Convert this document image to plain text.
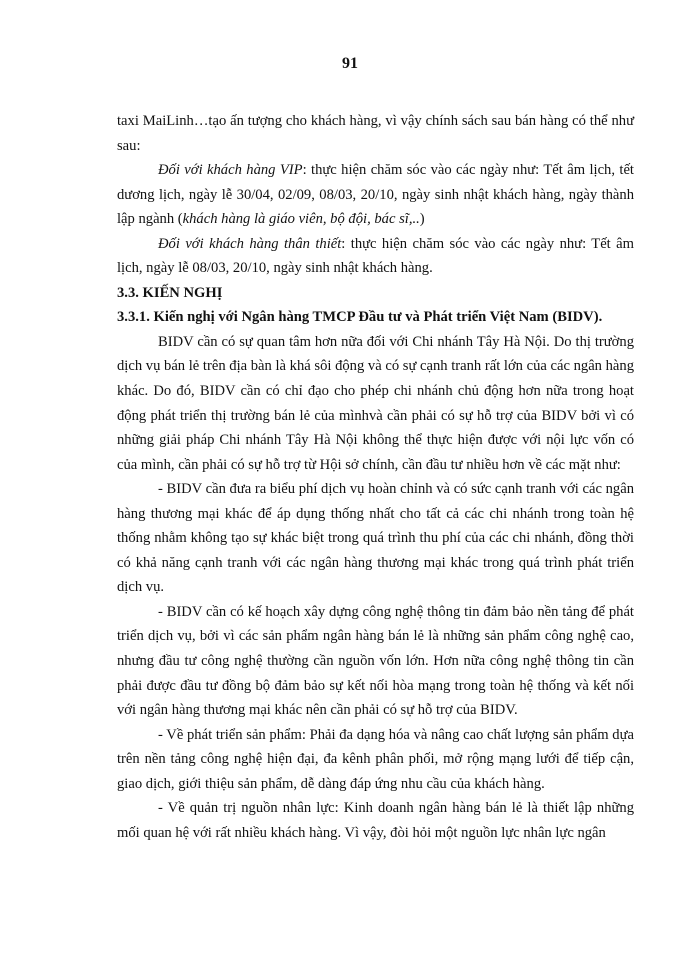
91

taxi MaiLinh…tạo ấn tượng cho khách hàng, vì vậy chính sách sau bán hàng có thể như sau:

Đối với khách hàng VIP: thực hiện chăm sóc vào các ngày như: Tết âm lịch, tết dương lịch, ngày lễ 30/04, 02/09, 08/03, 20/10, ngày sinh nhật khách hàng, ngày thành lập ngành (khách hàng là giáo viên, bộ đội, bác sĩ,..)

Đối với khách hàng thân thiết: thực hiện chăm sóc vào các ngày như: Tết âm lịch, ngày lễ 08/03, 20/10, ngày sinh nhật khách hàng.

3.3. KIẾN NGHỊ

3.3.1. Kiến nghị với Ngân hàng TMCP Đầu tư và Phát triển Việt Nam (BIDV).

BIDV cần có sự quan tâm hơn nữa đối với Chi nhánh Tây Hà Nội. Do thị trường dịch vụ bán lẻ trên địa bàn là khá sôi động và có sự cạnh tranh rất lớn của các ngân hàng khác. Do đó, BIDV cần có chỉ đạo cho phép chi nhánh chủ động hơn nữa trong hoạt động phát triển thị trường bán lẻ của mìnhvà cần phải có sự hỗ trợ của BIDV bởi vì có những giải pháp Chi nhánh Tây Hà Nội không thể thực hiện được với nội lực vốn có của mình, cần phải có sự hỗ trợ từ Hội sở chính, cần đầu tư nhiều hơn về các mặt như:

- BIDV cần đưa ra biểu phí dịch vụ hoàn chỉnh và có sức cạnh tranh với các ngân hàng thương mại khác để áp dụng thống nhất cho tất cả các chi nhánh trong toàn hệ thống nhằm không tạo sự khác biệt trong quá trình thu phí của các chi nhánh, đồng thời có khả năng cạnh tranh với các ngân hàng thương mại khác trong quá trình phát triển dịch vụ.

- BIDV cần có kế hoạch xây dựng công nghệ thông tin đảm bảo nền tảng để phát triển dịch vụ, bởi vì các sản phẩm ngân hàng bán lẻ là những sản phẩm công nghệ cao, nhưng đầu tư công nghệ thường cần nguồn vốn lớn. Hơn nữa công nghệ thông tin cần phải được đầu tư đồng bộ đảm bảo sự kết nối hòa mạng trong toàn hệ thống và kết nối với ngân hàng thương mại khác nên cần phải có sự hỗ trợ của BIDV.

- Về phát triển sản phẩm: Phải đa dạng hóa và nâng cao chất lượng sản phẩm dựa trên nền tảng công nghệ hiện đại, đa kênh phân phối, mở rộng mạng lưới để tiếp cận, giao dịch, giới thiệu sản phẩm, dễ dàng đáp ứng nhu cầu của khách hàng.

- Về quản trị nguồn nhân lực: Kinh doanh ngân hàng bán lẻ là thiết lập những mối quan hệ với rất nhiều khách hàng. Vì vậy, đòi hỏi một nguồn lực nhân lực ngân
